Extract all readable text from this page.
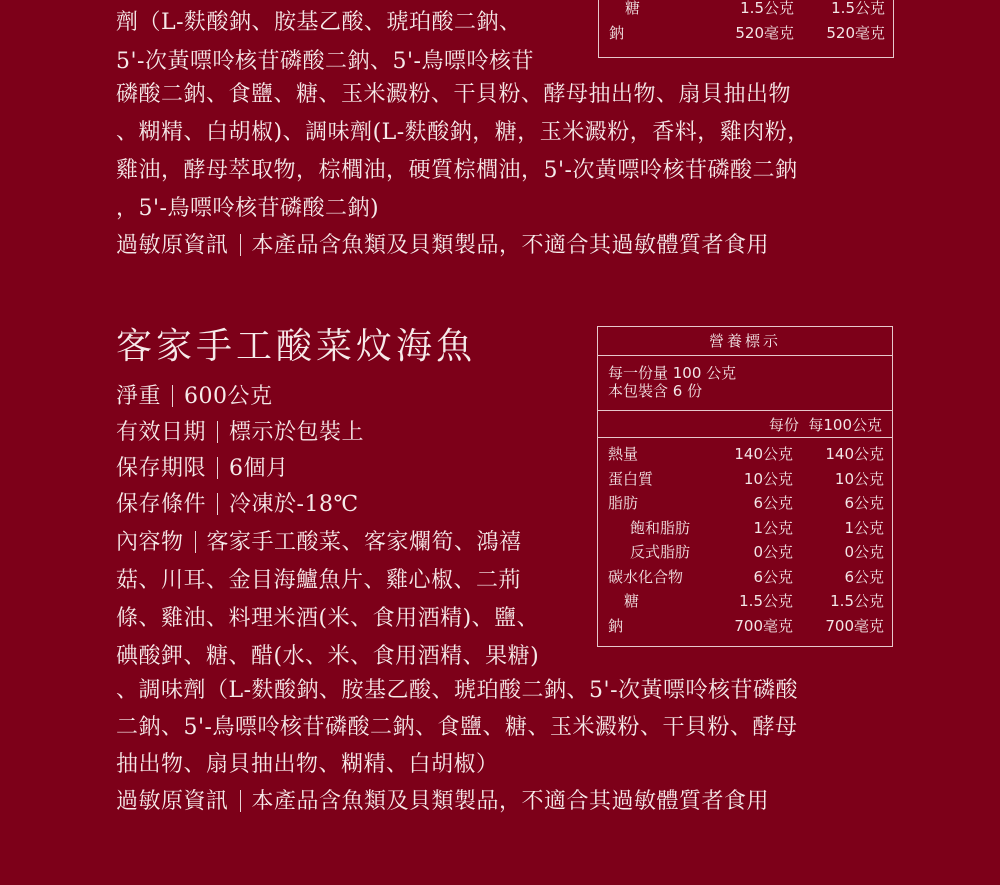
劑（L-麩酸鈉、胺基乙酸、琥珀酸二鈉、
5'-次黃嘌呤核苷磷酸二鈉、5'-鳥嘌呤核苷
磷酸二鈉、食鹽、糖、玉米澱粉、干貝粉、酵母抽出物、扇貝抽出物
、糊精、白胡椒)、調味劑(L-麩酸鈉，糖，玉米澱粉，香料，雞肉粉，
雞油，酵母萃取物，棕櫚油，硬質棕櫚油，5'-次黃嘌呤核苷磷酸二鈉
，5'-鳥嘌呤核苷磷酸二鈉)
過敏原資訊 本產品含魚類及貝類製品，不適合其過敏體質者食用
糖	1.5公克	1.5公克
鈉	520毫克	520毫克
客家手工酸菜炆海魚
淨重 600公克
有效日期 標示於包裝上
保存期限 6個月
保存條件 冷凍於-18℃
內容物 客家手工酸菜、客家爛筍、鴻禧
菇、川耳、金目海鱸魚片、雞心椒、二荊
條、雞油、料理米酒(米、食用酒精)、鹽、
碘酸鉀、糖、醋(水、米、食用酒精、果糖)
、調味劑（L-麩酸鈉、胺基乙酸、琥珀酸二鈉、5'-次黃嘌呤核苷磷酸
二鈉、5'-鳥嘌呤核苷磷酸二鈉、食鹽、糖、玉米澱粉、干貝粉、酵母
抽出物、扇貝抽出物、糊精、白胡椒）
過敏原資訊 本產品含魚類及貝類製品，不適合其過敏體質者食用
營養標示
每一份量 100 公克
本包裝含 6 份
每份  每100公克
熱量	140公克	140公克
蛋白質	10公克	10公克
脂肪	6公克	6公克
飽和脂肪	1公克	1公克
反式脂肪	0公克	0公克
碳水化合物	6公克	6公克
糖	1.5公克	1.5公克
鈉	700毫克	700毫克
